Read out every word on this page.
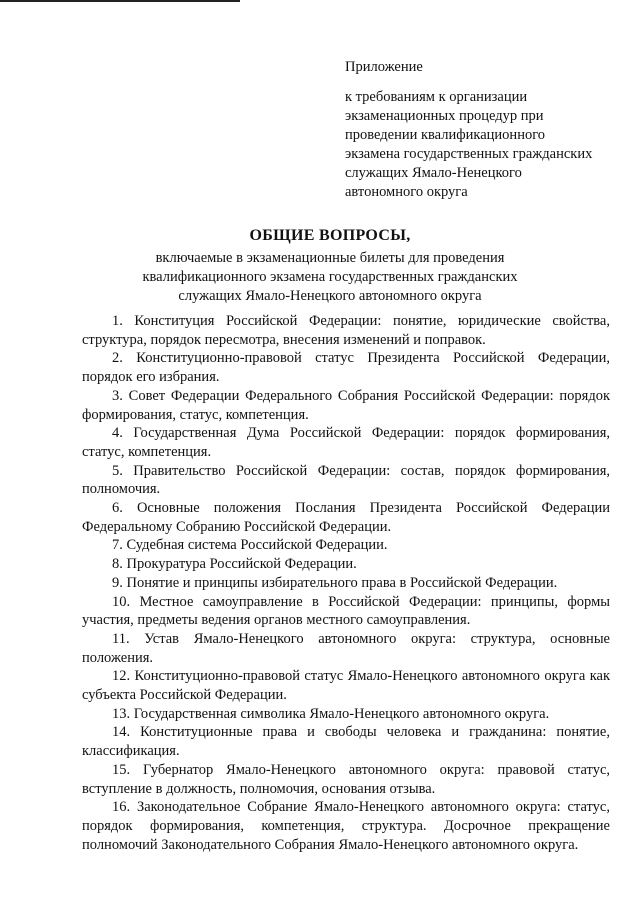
Приложение
к требованиям к организации
экзаменационных процедур при
проведении квалификационного
экзамена государственных гражданских
служащих Ямало-Ненецкого
автономного округа
ОБЩИЕ ВОПРОСЫ,
включаемые в экзаменационные билеты для проведения
квалификационного экзамена государственных гражданских
служащих Ямало-Ненецкого автономного округа

1. Конституция Российской Федерации: понятие, юридические свойства, структура, порядок пересмотра, внесения изменений и поправок.

2. Конституционно-правовой статус Президента Российской Федерации, порядок его избрания.

3. Совет Федерации Федерального Собрания Российской Федерации: порядок формирования, статус, компетенция.

4. Государственная Дума Российской Федерации: порядок формирования, статус, компетенция.

5. Правительство Российской Федерации: состав, порядок формирования, полномочия.

6. Основные положения Послания Президента Российской Федерации Федеральному Собранию Российской Федерации.

7. Судебная система Российской Федерации.

8. Прокуратура Российской Федерации.

9. Понятие и принципы избирательного права в Российской Федерации.

10. Местное самоуправление в Российской Федерации: принципы, формы участия, предметы ведения органов местного самоуправления.

11. Устав Ямало-Ненецкого автономного округа: структура, основные положения.

12. Конституционно-правовой статус Ямало-Ненецкого автономного округа как субъекта Российской Федерации.

13. Государственная символика Ямало-Ненецкого автономного округа.

14. Конституционные права и свободы человека и гражданина: понятие, классификация.

15. Губернатор Ямало-Ненецкого автономного округа: правовой статус, вступление в должность, полномочия, основания отзыва.

16. Законодательное Собрание Ямало-Ненецкого автономного округа: статус, порядок формирования, компетенция, структура. Досрочное прекращение полномочий Законодательного Собрания Ямало-Ненецкого автономного округа.
